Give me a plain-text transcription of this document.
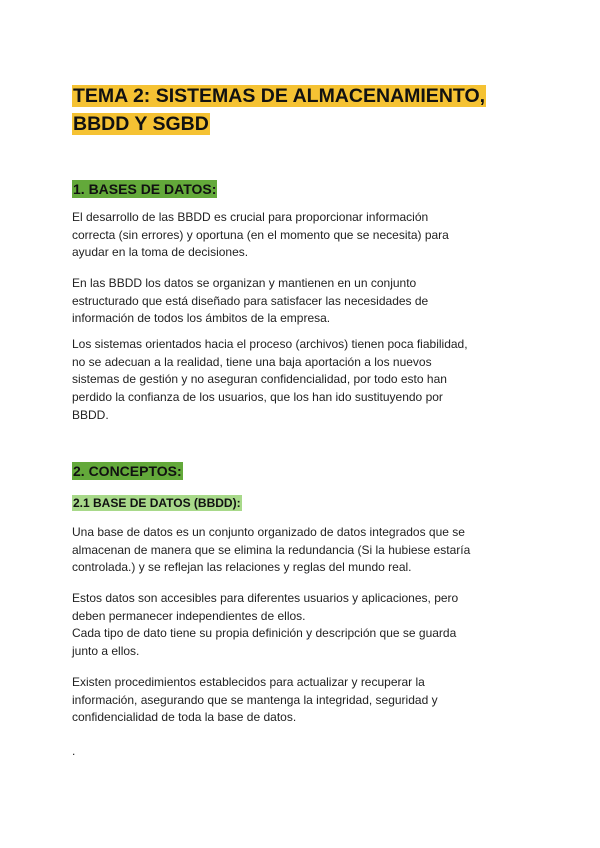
TEMA 2: SISTEMAS DE ALMACENAMIENTO,
BBDD Y SGBD
1. BASES DE DATOS:
El desarrollo de las BBDD es crucial para proporcionar información
correcta (sin errores) y oportuna (en el momento que se necesita) para
ayudar en la toma de decisiones.
En las BBDD los datos se organizan y mantienen en un conjunto
estructurado que está diseñado para satisfacer las necesidades de
información de todos los ámbitos de la empresa.
Los sistemas orientados hacia el proceso (archivos) tienen poca fiabilidad,
no se adecuan a la realidad, tiene una baja aportación a los nuevos
sistemas de gestión y no aseguran confidencialidad, por todo esto han
perdido la confianza de los usuarios, que los han ido sustituyendo por
BBDD.
2. CONCEPTOS:
2.1 BASE DE DATOS (BBDD):
Una base de datos es un conjunto organizado de datos integrados que se
almacenan de manera que se elimina la redundancia (Si la hubiese estaría
controlada.) y se reflejan las relaciones y reglas del mundo real.
Estos datos son accesibles para diferentes usuarios y aplicaciones, pero
deben permanecer independientes de ellos.
Cada tipo de dato tiene su propia definición y descripción que se guarda
junto a ellos.
Existen procedimientos establecidos para actualizar y recuperar la
información, asegurando que se mantenga la integridad, seguridad y
confidencialidad de toda la base de datos.
.
